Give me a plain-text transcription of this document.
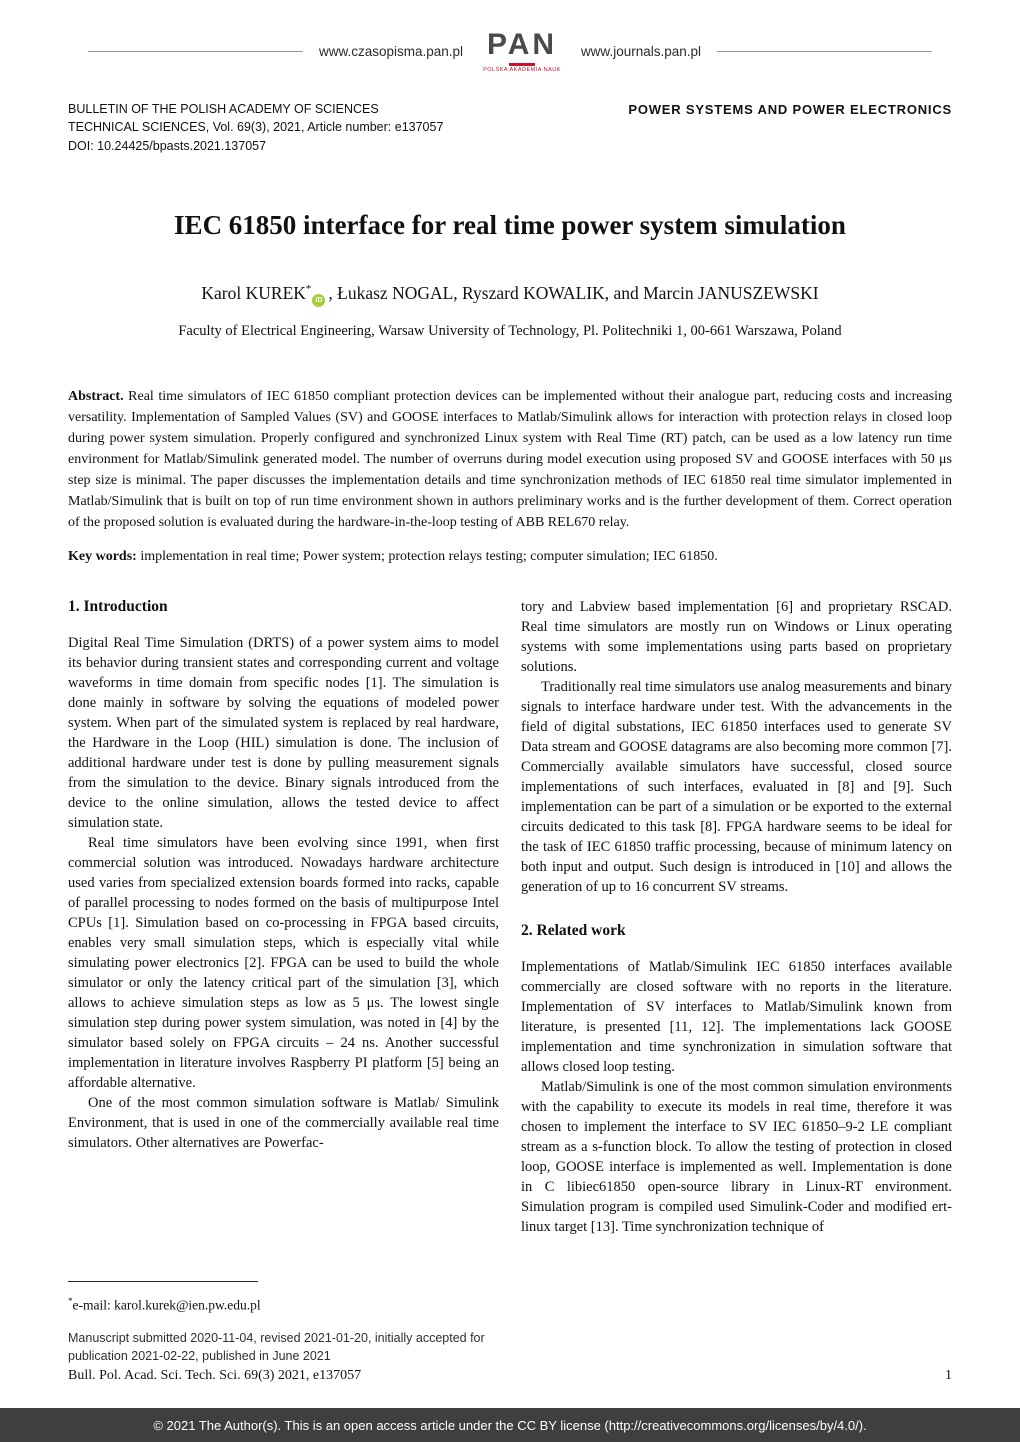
www.czasopisma.pan.pl PAN
POLSKA AKADEMIA NAUK
www.journals.pan.pl
BULLETIN OF THE POLISH ACADEMY OF SCIENCES
TECHNICAL SCIENCES, Vol. 69(3), 2021, Article number: e137057
DOI: 10.24425/bpasts.2021.137057
POWER SYSTEMS AND POWER ELECTRONICS
IEC 61850 interface for real time power system simulation
Karol KUREK*iD , Łukasz NOGAL, Ryszard KOWALIK, and Marcin JANUSZEWSKI
Faculty of Electrical Engineering, Warsaw University of Technology, Pl. Politechniki 1, 00-661 Warszawa, Poland

Abstract. Real time simulators of IEC 61850 compliant protection devices can be implemented without their analogue part, reducing costs and increasing versatility. Implementation of Sampled Values (SV) and GOOSE interfaces to Matlab/Simulink allows for interaction with protection relays in closed loop during power system simulation. Properly configured and synchronized Linux system with Real Time (RT) patch, can be used as a low latency run time environment for Matlab/Simulink generated model. The number of overruns during model execution using proposed SV and GOOSE interfaces with 50 μs step size is minimal. The paper discusses the implementation details and time synchronization methods of IEC 61850 real time simulator implemented in Matlab/Simulink that is built on top of run time environment shown in authors preliminary works and is the further development of them. Correct operation of the proposed solution is evaluated during the hardware-in-the-loop testing of ABB REL670 relay.

Key words: implementation in real time; Power system; protection relays testing; computer simulation; IEC 61850.

1. Introduction

Digital Real Time Simulation (DRTS) of a power system aims to model its behavior during transient states and corresponding current and voltage waveforms in time domain from specific nodes [1]. The simulation is done mainly in software by solving the equations of modeled power system. When part of the simulated system is replaced by real hardware, the Hardware in the Loop (HIL) simulation is done. The inclusion of additional hardware under test is done by pulling measurement signals from the simulation to the device. Binary signals introduced from the device to the online simulation, allows the tested device to affect simulation state.

Real time simulators have been evolving since 1991, when first commercial solution was introduced. Nowadays hardware architecture used varies from specialized extension boards formed into racks, capable of parallel processing to nodes formed on the basis of multipurpose Intel CPUs [1]. Simulation based on co-processing in FPGA based circuits, enables very small simulation steps, which is especially vital while simulating power electronics [2]. FPGA can be used to build the whole simulator or only the latency critical part of the simulation [3], which allows to achieve simulation steps as low as 5 μs. The lowest single simulation step during power system simulation, was noted in [4] by the simulator based solely on FPGA circuits – 24 ns. Another successful implementation in literature involves Raspberry PI platform [5] being an affordable alternative.

One of the most common simulation software is Matlab/ Simulink Environment, that is used in one of the commercially available real time simulators. Other alternatives are Powerfac-

*e-mail: karol.kurek@ien.pw.edu.pl
Manuscript submitted 2020-11-04, revised 2021-01-20, initially accepted for publication 2021-02-22, published in June 2021

tory and Labview based implementation [6] and proprietary RSCAD. Real time simulators are mostly run on Windows or Linux operating systems with some implementations using parts based on proprietary solutions.

Traditionally real time simulators use analog measurements and binary signals to interface hardware under test. With the advancements in the field of digital substations, IEC 61850 interfaces used to generate SV Data stream and GOOSE datagrams are also becoming more common [7]. Commercially available simulators have successful, closed source implementations of such interfaces, evaluated in [8] and [9]. Such implementation can be part of a simulation or be exported to the external circuits dedicated to this task [8]. FPGA hardware seems to be ideal for the task of IEC 61850 traffic processing, because of minimum latency on both input and output. Such design is introduced in [10] and allows the generation of up to 16 concurrent SV streams.

2. Related work

Implementations of Matlab/Simulink IEC 61850 interfaces available commercially are closed software with no reports in the literature. Implementation of SV interfaces to Matlab/Simulink known from literature, is presented [11, 12]. The implementations lack GOOSE implementation and time synchronization in simulation software that allows closed loop testing.

Matlab/Simulink is one of the most common simulation environments with the capability to execute its models in real time, therefore it was chosen to implement the interface to SV IEC 61850–9-2 LE compliant stream as a s-function block. To allow the testing of protection in closed loop, GOOSE interface is implemented as well. Implementation is done in C libiec61850 open-source library in Linux-RT environment. Simulation program is compiled used Simulink-Coder and modified ert-linux target [13]. Time synchronization technique of

Bull. Pol. Acad. Sci. Tech. Sci. 69(3) 2021, e137057	1
© 2021 The Author(s). This is an open access article under the CC BY license (http://creativecommons.org/licenses/by/4.0/).
